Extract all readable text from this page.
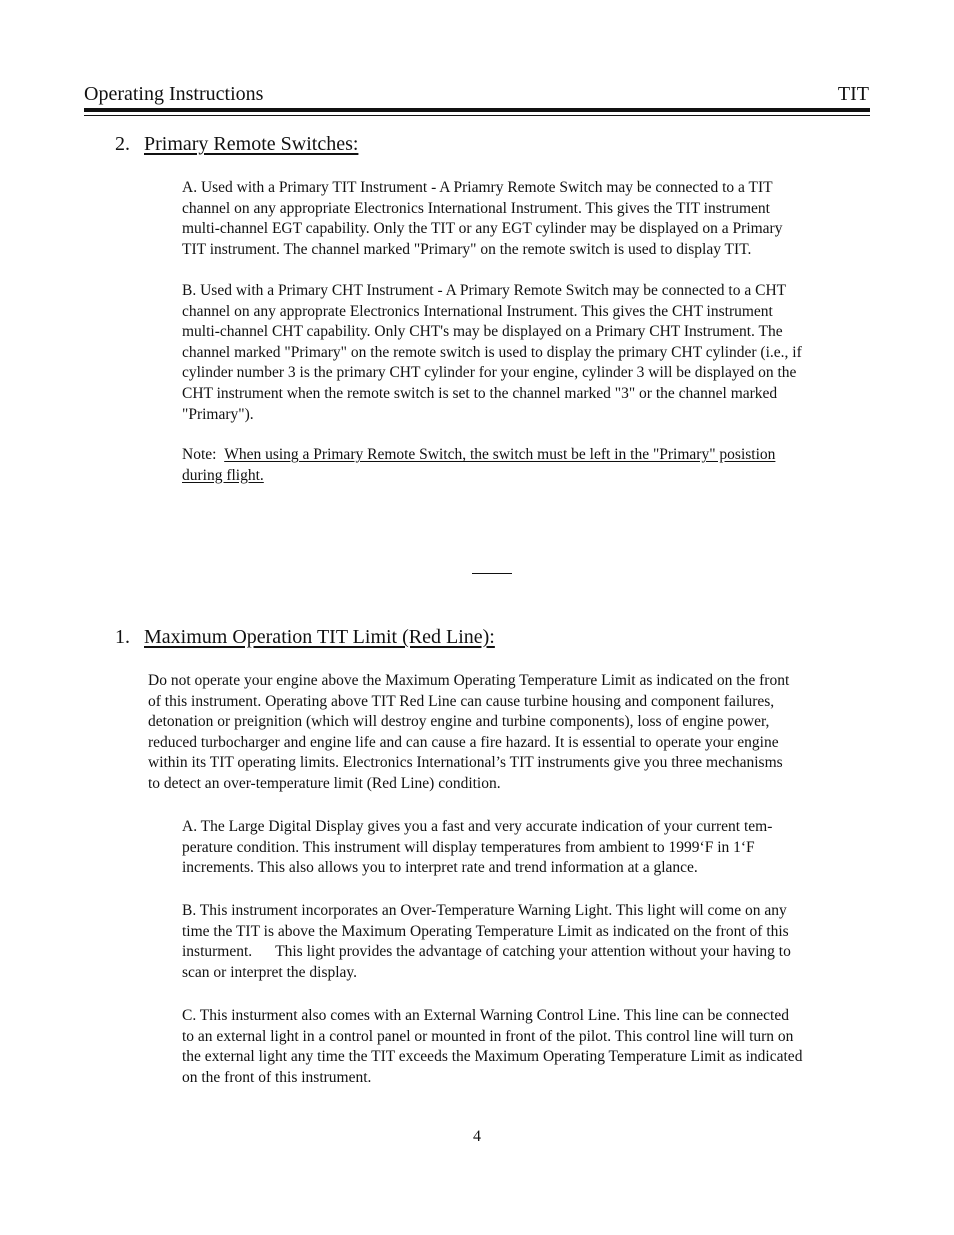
Operating Instructions	TIT
2. Primary Remote Switches:
A. Used with a Primary TIT Instrument - A Priamry Remote Switch may be connected to a TIT
channel on any appropriate Electronics International Instrument. This gives the TIT instrument
multi-channel EGT capability. Only the TIT or any EGT cylinder may be displayed on a Primary
TIT instrument. The channel marked "Primary" on the remote switch is used to display TIT.
B. Used with a Primary CHT Instrument - A Primary Remote Switch may be connected to a CHT
channel on any approprate Electronics International Instrument. This gives the CHT instrument
multi-channel CHT capability. Only CHT's may be displayed on a Primary CHT Instrument. The
channel marked "Primary" on the remote switch is used to display the primary CHT cylinder (i.e., if
cylinder number 3 is the primary CHT cylinder for your engine, cylinder 3 will be displayed on the
CHT instrument when the remote switch is set to the channel marked "3" or the channel marked
"Primary").
Note: When using a Primary Remote Switch, the switch must be left in the "Primary" posistion
during flight.
1. Maximum Operation TIT Limit (Red Line):
Do not operate your engine above the Maximum Operating Temperature Limit as indicated on the front
of this instrument. Operating above TIT Red Line can cause turbine housing and component failures,
detonation or preignition (which will destroy engine and turbine components), loss of engine power,
reduced turbocharger and engine life and can cause a fire hazard. It is essential to operate your engine
within its TIT operating limits. Electronics International’s TIT instruments give you three mechanisms
to detect an over-temperature limit (Red Line) condition.
A. The Large Digital Display gives you a fast and very accurate indication of your current tem-
perature condition. This instrument will display temperatures from ambient to 1999‘F in 1‘F
increments. This also allows you to interpret rate and trend information at a glance.
B. This instrument incorporates an Over-Temperature Warning Light. This light will come on any
time the TIT is above the Maximum Operating Temperature Limit as indicated on the front of this
insturment.      This light provides the advantage of catching your attention without your having to
scan or interpret the display.
C. This insturment also comes with an External Warning Control Line. This line can be connected
to an external light in a control panel or mounted in front of the pilot. This control line will turn on
the external light any time the TIT exceeds the Maximum Operating Temperature Limit as indicated
on the front of this instrument.
4
